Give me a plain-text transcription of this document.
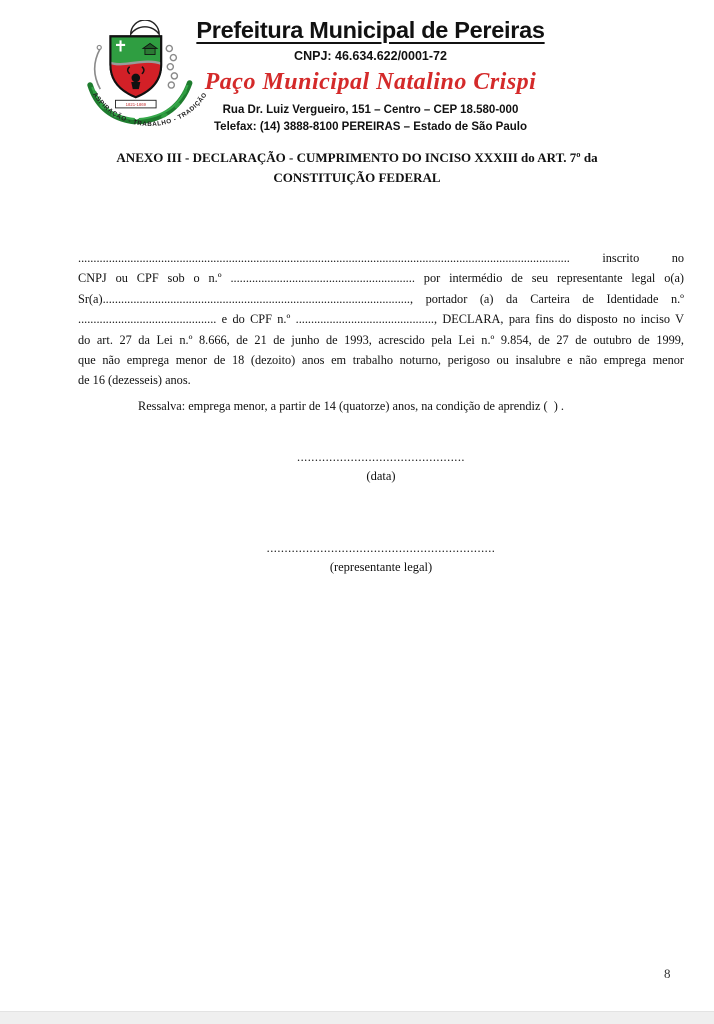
1821-1869
ASPIRAÇÃO - TRABALHO - TRADIÇÃO
Prefeitura Municipal de Pereiras
CNPJ: 46.634.622/0001-72
Paço Municipal Natalino Crispi
Rua Dr. Luiz Vergueiro, 151 – Centro – CEP 18.580-000
Telefax: (14) 3888-8100 PEREIRAS – Estado de São Paulo
ANEXO III - DECLARAÇÃO - CUMPRIMENTO DO INCISO XXXIII do ART. 7º da
CONSTITUIÇÃO FEDERAL
................................................................................................................................................................ inscrito no
CNPJ ou CPF sob o n.º ............................................................ por intermédio de seu representante legal o(a)
Sr(a)...................................................................................................., portador (a) da Carteira de Identidade n.º
............................................. e do CPF n.º ............................................., DECLARA, para fins do disposto no inciso V
do art. 27 da Lei n.º 8.666, de 21 de junho de 1993, acrescido pela Lei n.º 9.854, de 27 de outubro de 1999,
que não emprega menor de 18 (dezoito) anos em trabalho noturno, perigoso ou insalubre e não emprega menor
de 16 (dezesseis) anos.
Ressalva: emprega menor, a partir de 14 (quatorze) anos, na condição de aprendiz (  ) .
...............................................
(data)
................................................................
(representante legal)
8
